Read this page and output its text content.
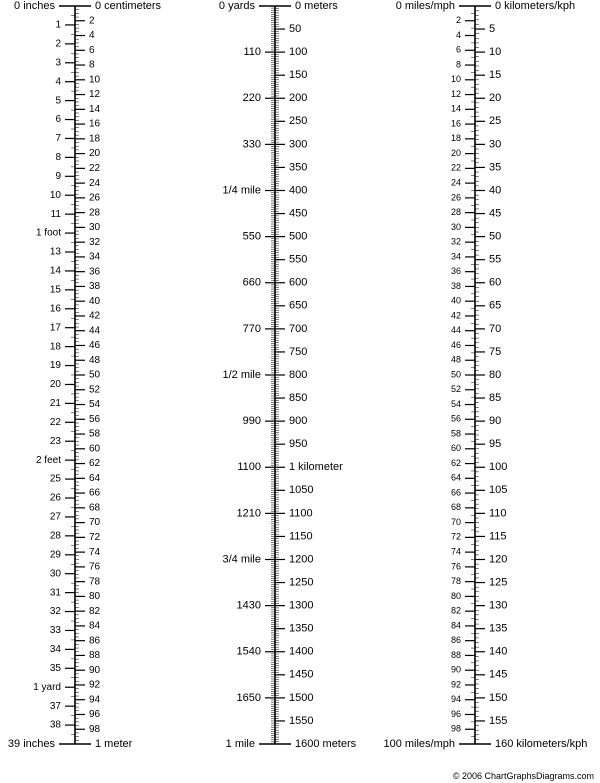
0 inches	0 centimeters
39 inches	1 meter
1
2
3
4
5
6
7
8
9
10
11
1 foot
13
14
15
16
17
18
19
20
21
22
23
2 feet
25
26
27
28
29
30
31
32
33
34
35
1 yard
37
38
2
4
6
8
10
12
14
16
18
20
22
24
26
28
30
32
34
36
38
40
42
44
46
48
50
52
54
56
58
60
62
64
66
68
70
72
74
76
78
80
82
84
86
88
90
92
94
96
98
0 yards	0 meters
1 mile	1600 meters
110
220
330
1/4 mile
550
660
770
1/2 mile
990
1100
1210
3/4 mile
1430
1540
1650
50
100
150
200
250
300
350
400
450
500
550
600
650
700
750
800
850
900
950
1 kilometer
1050
1100
1150
1200
1250
1300
1350
1400
1450
1500
1550
0 miles/mph	0 kilometers/kph
100 miles/mph	160 kilometers/kph
2
4
6
8
10
12
14
16
18
20
22
24
26
28
30
32
34
36
38
40
42
44
46
48
50
52
54
56
58
60
62
64
66
68
70
72
74
76
78
80
82
84
86
88
90
92
94
96
98
5
10
15
20
25
30
35
40
45
50
55
60
65
70
75
80
85
90
95
100
105
110
115
120
125
130
135
140
145
150
155
© 2006 ChartGraphsDiagrams.com
